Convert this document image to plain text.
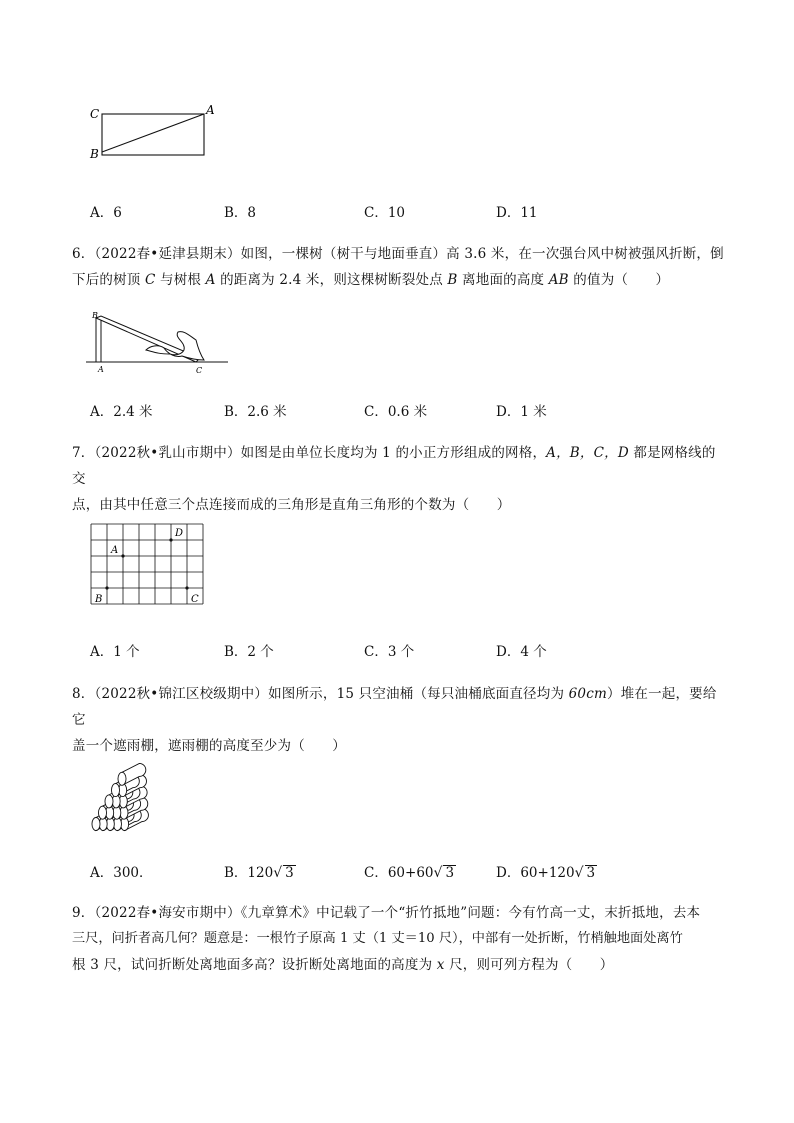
C	A
B
A．6	B．8	C．10	D．11
6．（2022春•延津县期末）如图，一棵树（树干与地面垂直）高 3.6 米，在一次强台风中树被强风折断，倒
下后的树顶 C 与树根 A 的距离为 2.4 米，则这棵树断裂处点 B 离地面的高度 AB 的值为（　　）
B
A	C
A．2.4 米	B．2.6 米	C．0.6 米	D．1 米
7．（2022秋•乳山市期中）如图是由单位长度均为 1 的小正方形组成的网格，A，B，C，D 都是网格线的交
点，由其中任意三个点连接而成的三角形是直角三角形的个数为（　　）
A
B	C
D
A．1 个	B．2 个	C．3 个	D．4 个
8．（2022秋•锦江区校级期中）如图所示，15 只空油桶（每只油桶底面直径均为 60cm）堆在一起，要给它
盖一个遮雨棚，遮雨棚的高度至少为（　　）
A．300．	B．120√ 3	C．60+60√ 3	D．60+120√ 3
9．（2022春•海安市期中）《九章算术》中记载了一个“折竹抵地”问题：今有竹高一丈，末折抵地，去本
三尺，问折者高几何？题意是：一根竹子原高 1 丈（1 丈＝10 尺），中部有一处折断，竹梢触地面处离竹
根 3 尺，试问折断处离地面多高？设折断处离地面的高度为 x 尺，则可列方程为（　　）
